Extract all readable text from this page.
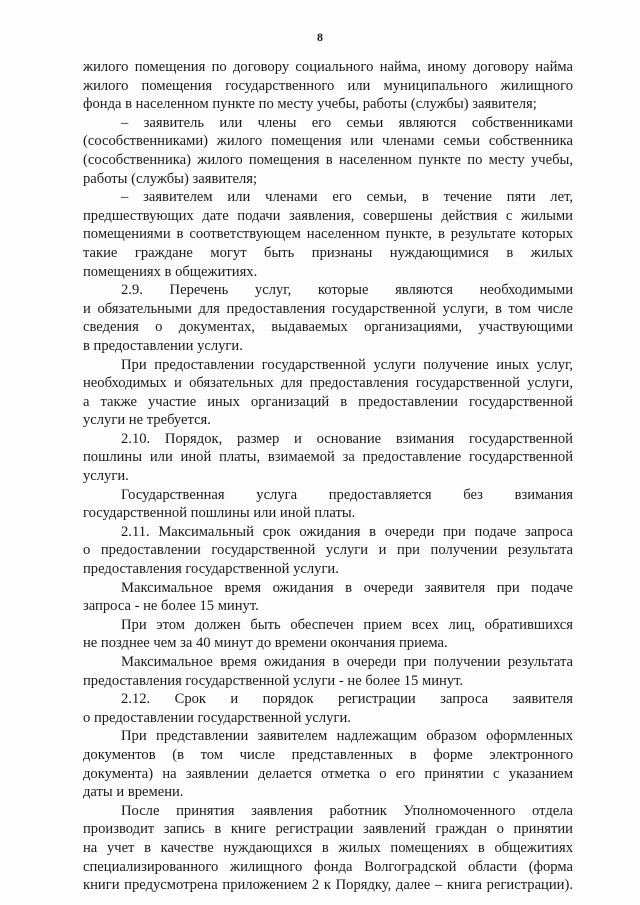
8
жилого помещения по договору социального найма, иному договору найма
жилого помещения государственного или муниципального жилищного
фонда в населенном пункте по месту учебы, работы (службы) заявителя;
– заявитель или члены его семьи являются собственниками
(сособственниками) жилого помещения или членами семьи собственника
(сособственника) жилого помещения в населенном пункте по месту учебы,
работы (службы) заявителя;
– заявителем или членами его семьи, в течение пяти лет,
предшествующих дате подачи заявления, совершены действия с жилыми
помещениями в соответствующем населенном пункте, в результате которых
такие граждане могут быть признаны нуждающимися в жилых
помещениях в общежитиях.
2.9. Перечень услуг, которые являются необходимыми
и обязательными для предоставления государственной услуги, в том числе
сведения о документах, выдаваемых организациями, участвующими
в предоставлении услуги.
При предоставлении государственной услуги получение иных услуг,
необходимых и обязательных для предоставления государственной услуги,
а также участие иных организаций в предоставлении государственной
услуги не требуется.
2.10. Порядок, размер и основание взимания государственной
пошлины или иной платы, взимаемой за предоставление государственной
услуги.
Государственная услуга предоставляется без взимания
государственной пошлины или иной платы.
2.11. Максимальный срок ожидания в очереди при подаче запроса
о предоставлении государственной услуги и при получении результата
предоставления государственной услуги.
Максимальное время ожидания в очереди заявителя при подаче
запроса - не более 15 минут.
При этом должен быть обеспечен прием всех лиц, обратившихся
не позднее чем за 40 минут до времени окончания приема.
Максимальное время ожидания в очереди при получении результата
предоставления государственной услуги - не более 15 минут.
2.12. Срок и порядок регистрации запроса заявителя
о предоставлении государственной услуги.
При представлении заявителем надлежащим образом оформленных
документов (в том числе представленных в форме электронного
документа) на заявлении делается отметка о его принятии с указанием
даты и времени.
После принятия заявления работник Уполномоченного отдела
производит запись в книге регистрации заявлений граждан о принятии
на учет в качестве нуждающихся в жилых помещениях в общежитиях
специализированного жилищного фонда Волгоградской области (форма
книги предусмотрена приложением 2 к Порядку, далее – книга регистрации).
